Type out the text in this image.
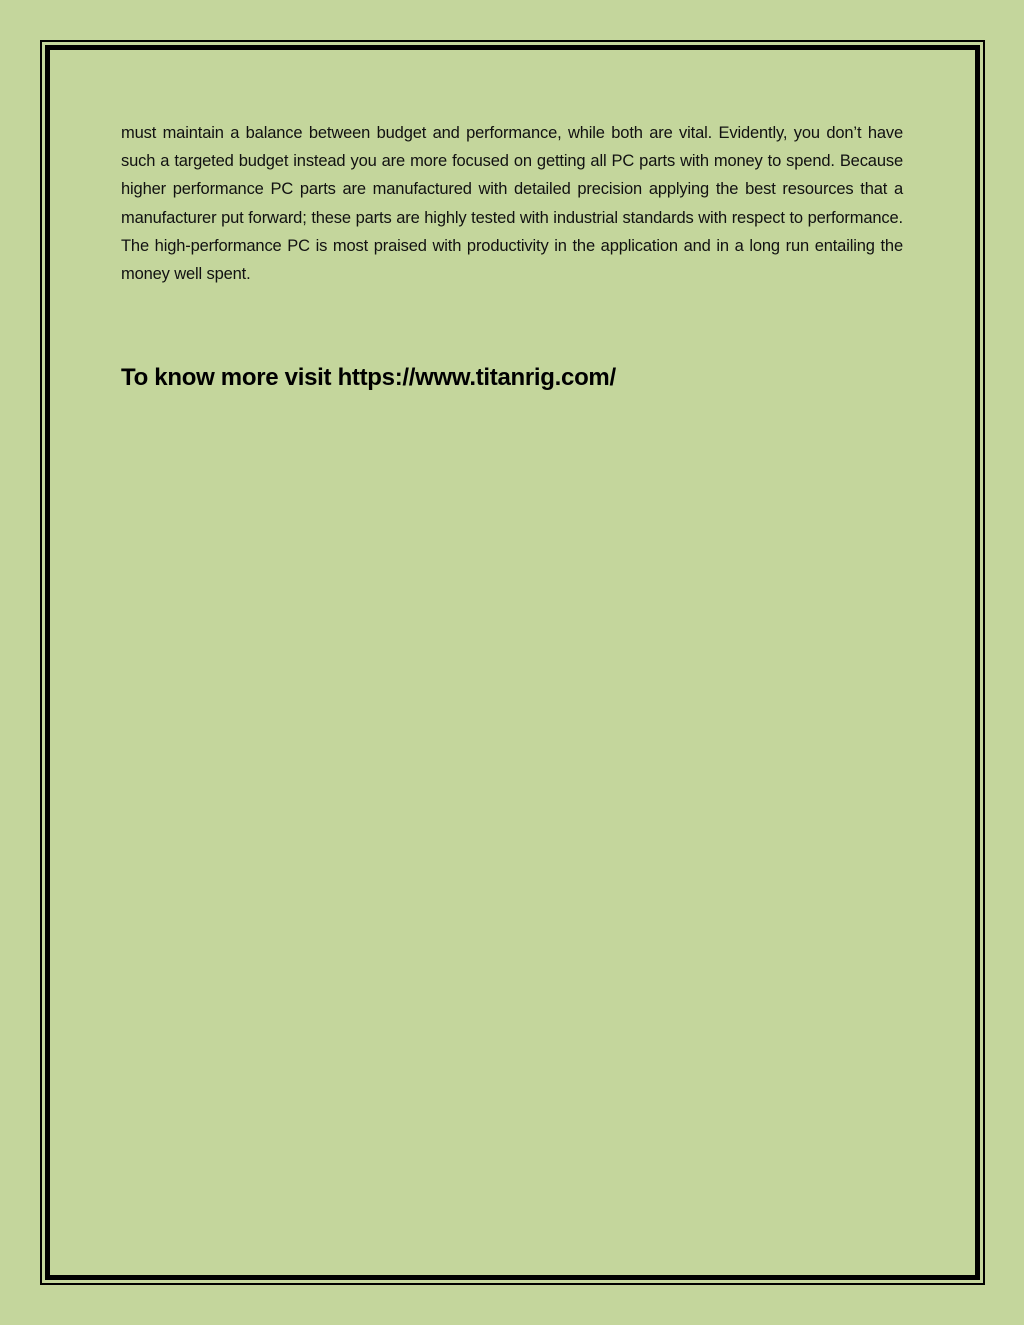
must maintain a balance between budget and performance, while both are vital. Evidently, you don’t have such a targeted budget instead you are more focused on getting all PC parts with money to spend. Because higher performance PC parts are manufactured with detailed precision applying the best resources that a manufacturer put forward; these parts are highly tested with industrial standards with respect to performance. The high-performance PC is most praised with productivity in the application and in a long run entailing the money well spent.

To know more visit https://www.titanrig.com/
